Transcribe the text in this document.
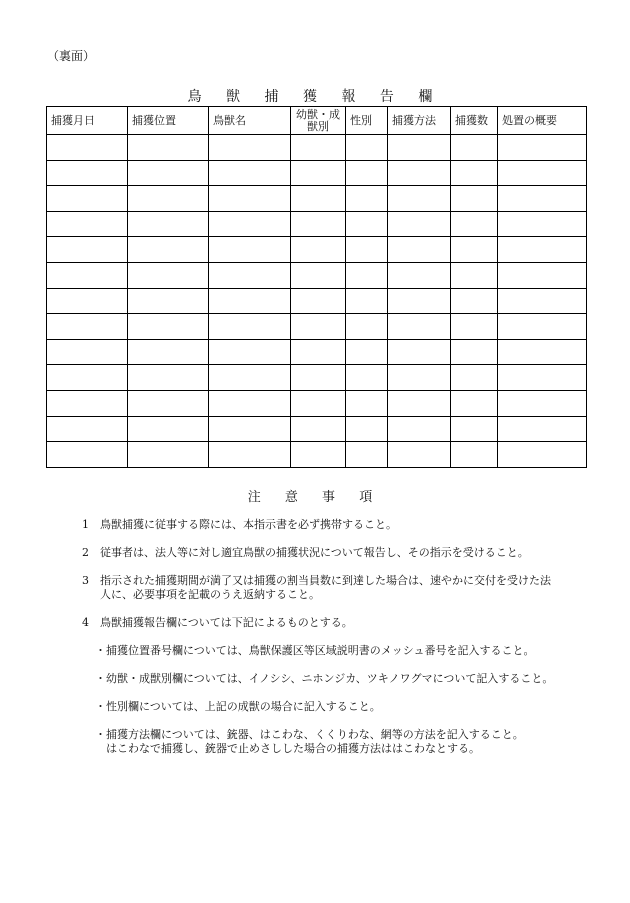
（裏面）
鳥 獣 捕 獲 報 告 欄
捕獲月日	捕獲位置	鳥獣名	幼獣・成獣別	性別	捕獲方法	捕獲数	処置の概要

注 意 事 項
1 鳥獣捕獲に従事する際には、本指示書を必ず携帯すること。
2 従事者は、法人等に対し適宜鳥獣の捕獲状況について報告し、その指示を受けること。
3 指示された捕獲期間が満了又は捕獲の割当員数に到達した場合は、速やかに交付を受けた法
人に、必要事項を記載のうえ返納すること。
4 鳥獣捕獲報告欄については下記によるものとする。
・ 捕獲位置番号欄については、鳥獣保護区等区域説明書のメッシュ番号を記入すること。
・ 幼獣・成獣別欄については、イノシシ、ニホンジカ、ツキノワグマについて記入すること。
・ 性別欄については、上記の成獣の場合に記入すること。
・ 捕獲方法欄については、銃器、はこわな、くくりわな、網等の方法を記入すること。
はこわなで捕獲し、銃器で止めさしした場合の捕獲方法ははこわなとする。
